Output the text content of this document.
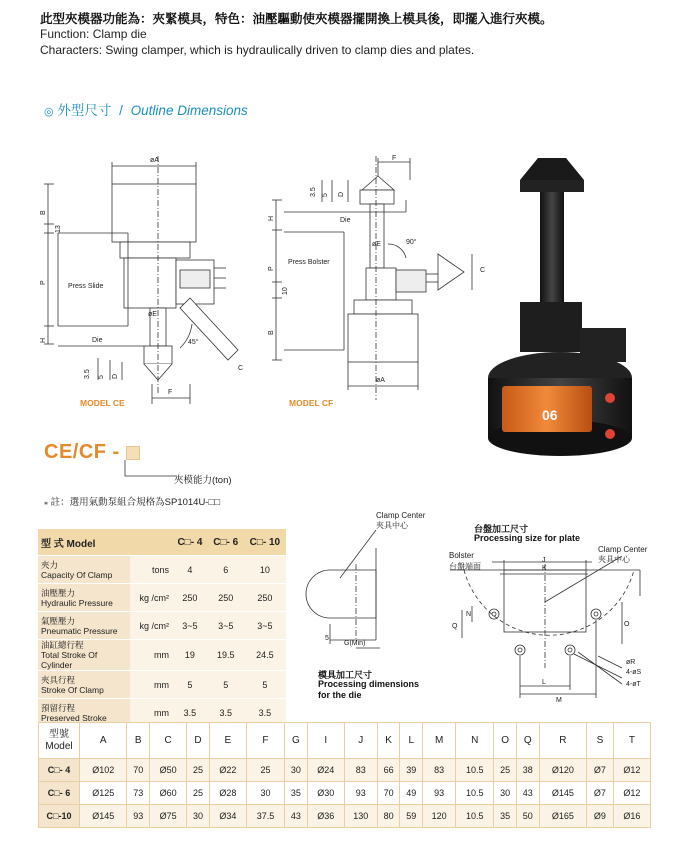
此型夾模器功能為：夾緊模具，特色：油壓驅動使夾模器擺開換上模具後，即擺入進行夾模。
Function: Clamp die
Characters: Swing clamper, which is hydraulically driven to clamp dies and plates.
◎ 外型尺寸 / Outline Dimensions
øA
B
13
P
H
øE
3.5 5 D
F
C
Press Slide
Die	45°
MODEL CE
F
3.5 5 D
H
øE
P
10
B
øA
C
Press Bolster
Die
90°
MODEL CF
06
CE/CF -
夾模能力(ton)
⁎ 註：選用氣動泵組合規格為SP1014U-□□
型 式 Model		C□- 4	C□- 6	C□- 10

夾力
Capacity Of Clamp	tons	4	6	10

油壓壓力
Hydraulic Pressure	kg /cm²	250	250	250

氣壓壓力
Pneumatic Pressure	kg /cm²	3~5	3~5	3~5

油缸總行程
Total Stroke Of Cylinder	mm	19	19.5	24.5

夾具行程
Stroke Of Clamp	mm	5	5	5

預留行程
Preserved Stroke	mm	3.5	3.5	3.5
Clamp Center
夾具中心
5
G(Min)
模具加工尺寸
Processing dimensions
for the die
台盤加工尺寸
Processing size for plate
Bolster
台盤端面
Clamp Center
夾具中心
J
K
N
Q	O
L
M
øR
4-øS
4-øT
型號
Model	A	B	C	D	E	F	G	I	J	K	L	M	N	O	Q	R	S	T
C□- 4	Ø102	70	Ø50	25	Ø22	25	30	Ø24	83	66	39	83	10.5	25	38	Ø120	Ø7	Ø12
C□- 6	Ø125	73	Ø60	25	Ø28	30	35	Ø30	93	70	49	93	10.5	30	43	Ø145	Ø7	Ø12
C□-10	Ø145	93	Ø75	30	Ø34	37.5	43	Ø36	130	80	59	120	10.5	35	50	Ø165	Ø9	Ø16
